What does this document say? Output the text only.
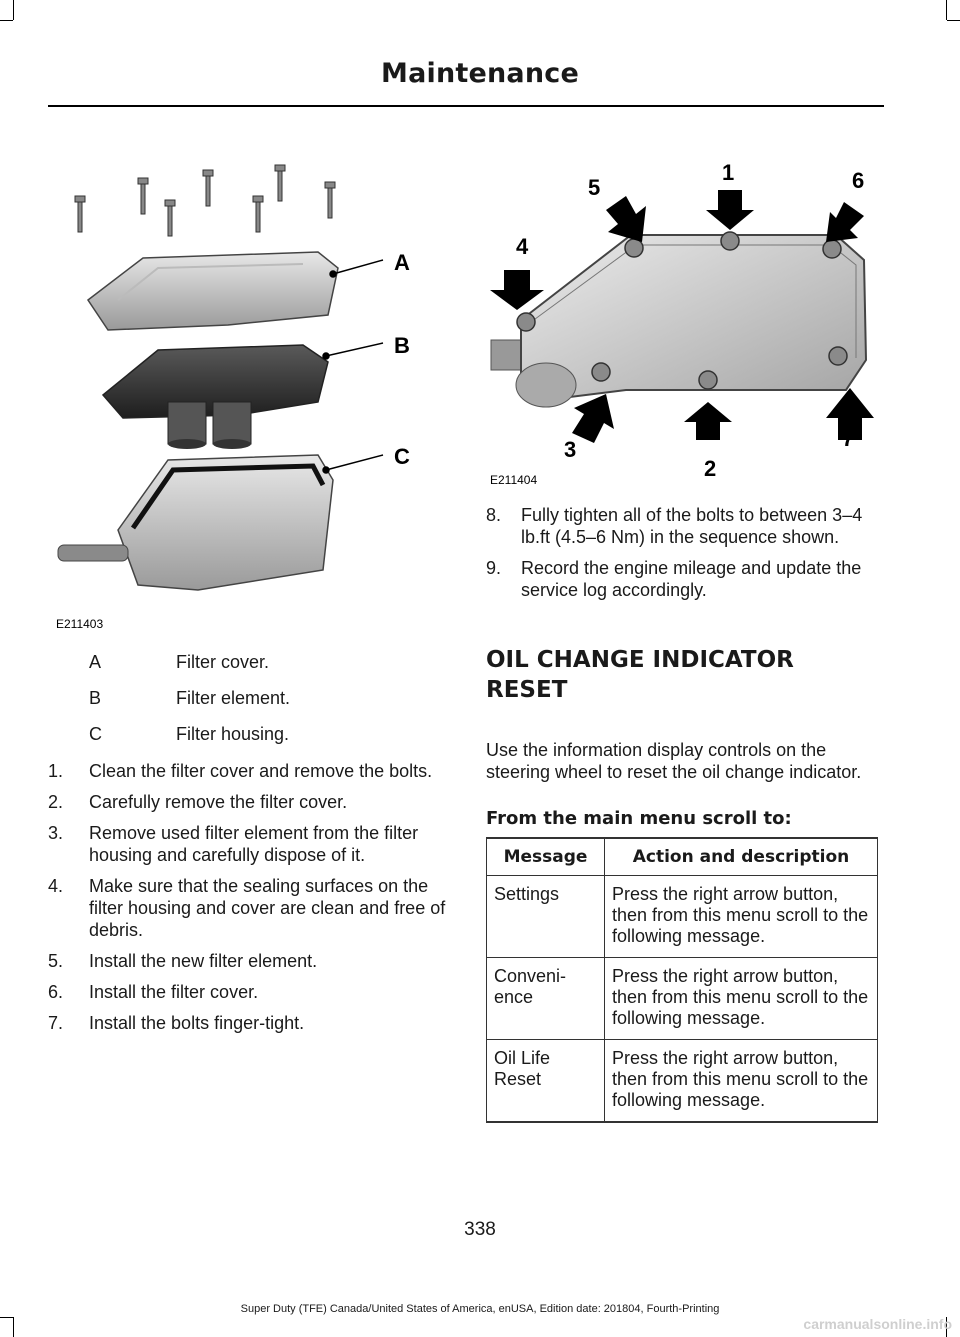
Maintenance
A
B
C
E211403
A	Filter cover.
B	Filter element.
C	Filter housing.
1.	Clean the filter cover and remove the bolts.
2.	Carefully remove the filter cover.
3.	Remove used filter element from the filter housing and carefully dispose of it.
4.	Make sure that the sealing surfaces on the filter housing and cover are clean and free of debris.
5.	Install the new filter element.
6.	Install the filter cover.
7.	Install the bolts finger-tight.
1
2
3
4
5	6
7
E211404
8.	Fully tighten all of the bolts to between 3–4 lb.ft (4.5–6 Nm) in the sequence shown.
9.	Record the engine mileage and update the service log accordingly.
OIL CHANGE INDICATOR
RESET
Use the information display controls on the steering wheel to reset the oil change indicator.
From the main menu scroll to:
Message	Action and description
Settings	Press the right arrow button, then from this menu scroll to the following message.
Conveni-
ence	Press the right arrow button, then from this menu scroll to the following message.
Oil Life
Reset	Press the right arrow button, then from this menu scroll to the following message.
338
Super Duty (TFE) Canada/United States of America, enUSA, Edition date: 201804, Fourth-Printing
carmanualsonline.info
